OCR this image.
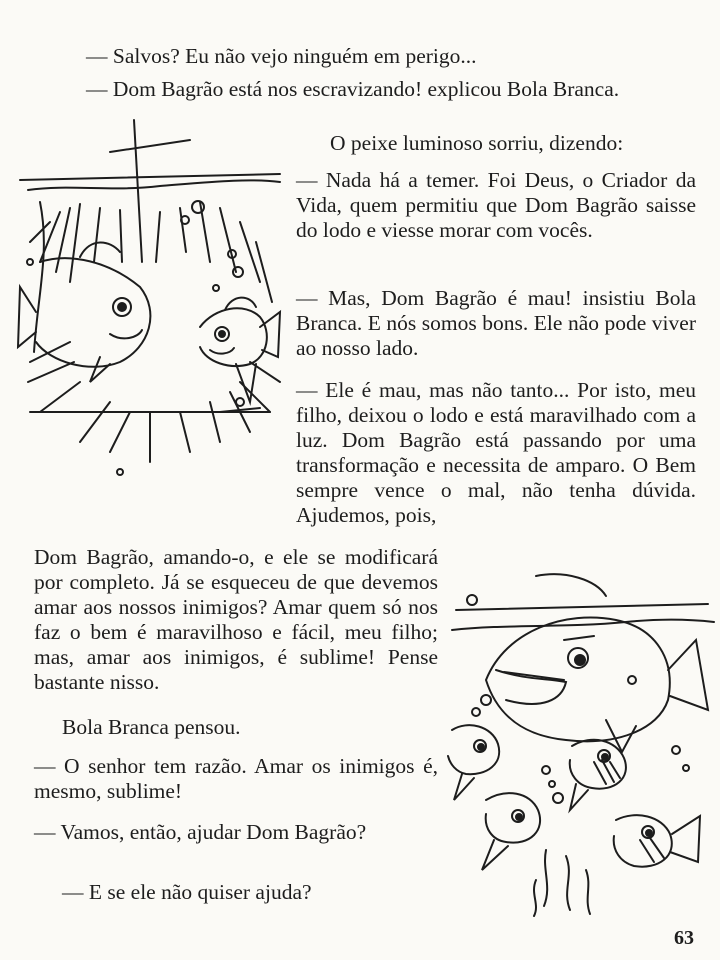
— Salvos? Eu não vejo ninguém em perigo...

— Dom Bagrão está nos escravizando! explicou Bola Branca.

O peixe luminoso sorriu, dizendo:

— Nada há a temer. Foi Deus, o Criador da Vida, quem permitiu que Dom Bagrão saisse do lodo e viesse morar com vocês.

— Mas, Dom Bagrão é mau! insistiu Bola Branca. E nós somos bons. Ele não pode viver ao nosso lado.

— Ele é mau, mas não tanto... Por isto, meu filho, deixou o lodo e está maravilhado com a luz. Dom Bagrão está passando por uma transformação e necessita de amparo. O Bem sempre vence o mal, não tenha dúvida. Ajudemos, pois,

Dom Bagrão, amando-o, e ele se modificará por completo. Já se esqueceu de que devemos amar aos nossos inimigos? Amar quem só nos faz o bem é maravilhoso e fácil, meu filho; mas, amar aos inimigos, é sublime! Pense bastante nisso.

Bola Branca pensou.

— O senhor tem razão. Amar os inimigos é, mesmo, sublime!

— Vamos, então, ajudar Dom Bagrão?

— E se ele não quiser ajuda?

63
